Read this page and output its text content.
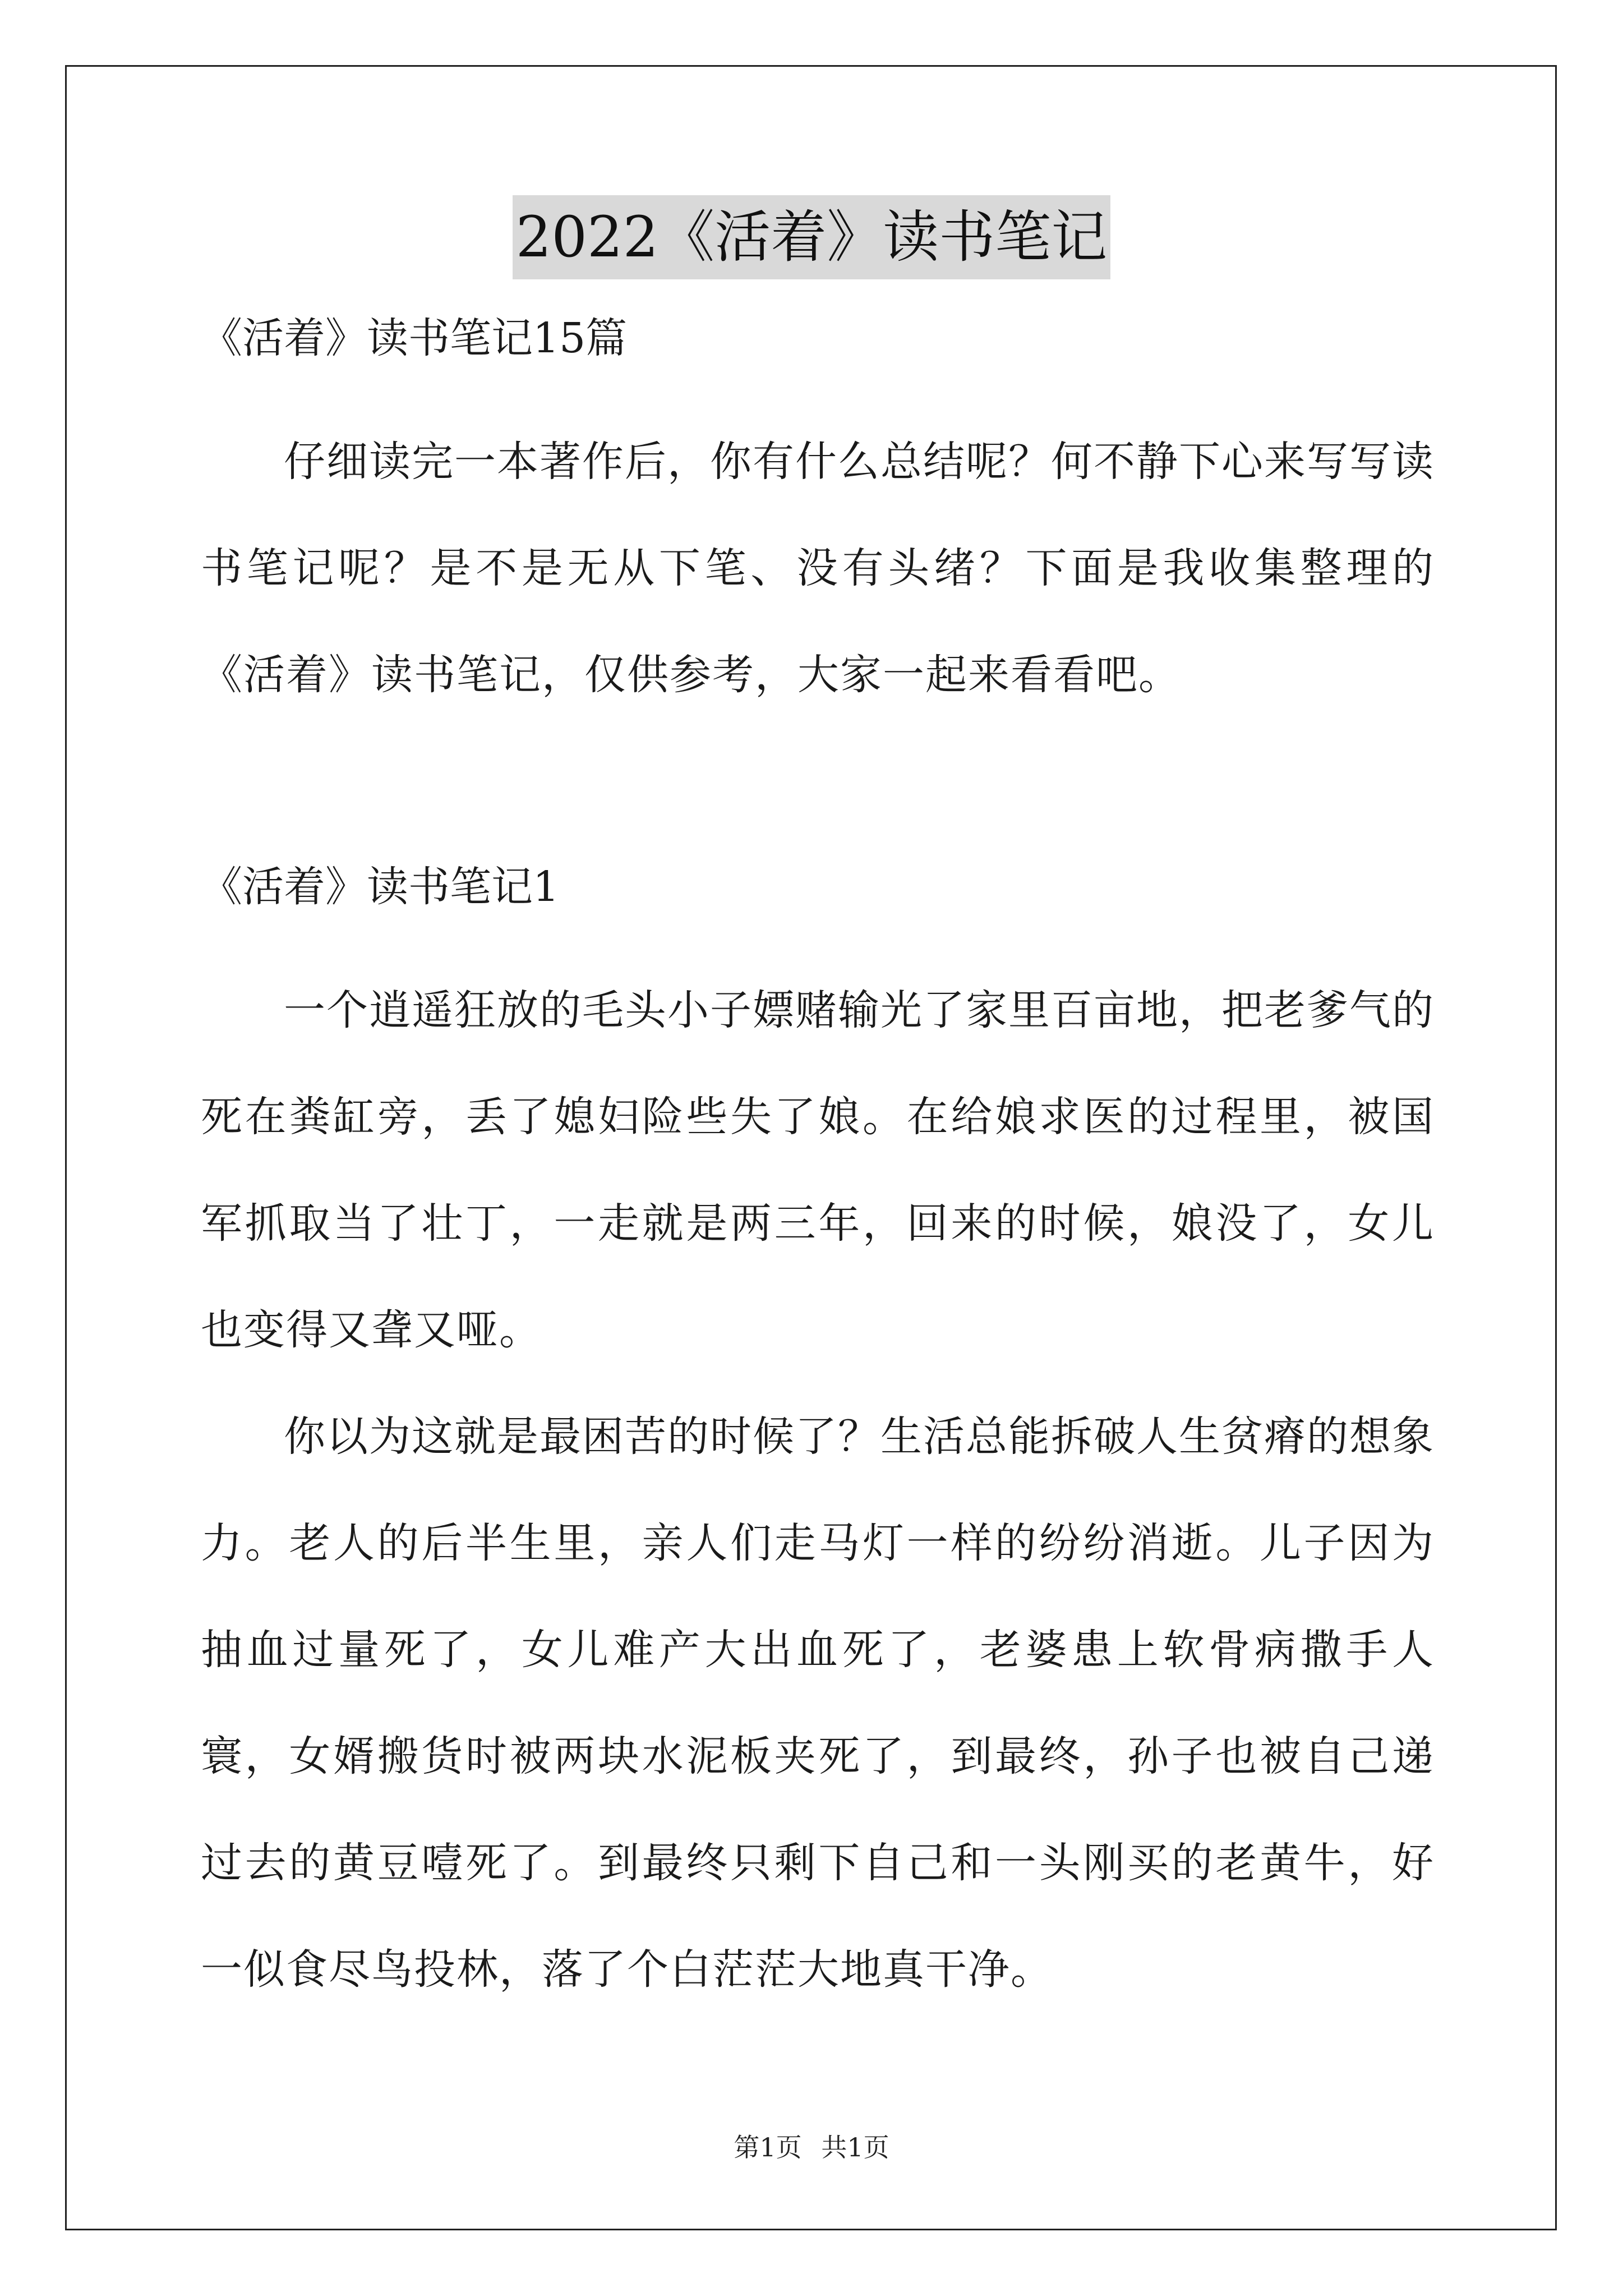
2022《活着》读书笔记

《活着》读书笔记15篇

仔细读完一本著作后，你有什么总结呢？何不静下心来写写读书笔记呢？是不是无从下笔、没有头绪？下面是我收集整理的《活着》读书笔记，仅供参考，大家一起来看看吧。

《活着》读书笔记1

一个逍遥狂放的毛头小子嫖赌输光了家里百亩地，把老爹气的死在粪缸旁，丢了媳妇险些失了娘。在给娘求医的过程里，被国军抓取当了壮丁，一走就是两三年，回来的时候，娘没了，女儿也变得又聋又哑。

你以为这就是最困苦的时候了？生活总能拆破人生贫瘠的想象力。老人的后半生里，亲人们走马灯一样的纷纷消逝。儿子因为抽血过量死了，女儿难产大出血死了，老婆患上软骨病撒手人寰，女婿搬货时被两块水泥板夹死了，到最终，孙子也被自己递过去的黄豆噎死了。到最终只剩下自己和一头刚买的老黄牛，好一似食尽鸟投林，落了个白茫茫大地真干净。

第1页 共1页
